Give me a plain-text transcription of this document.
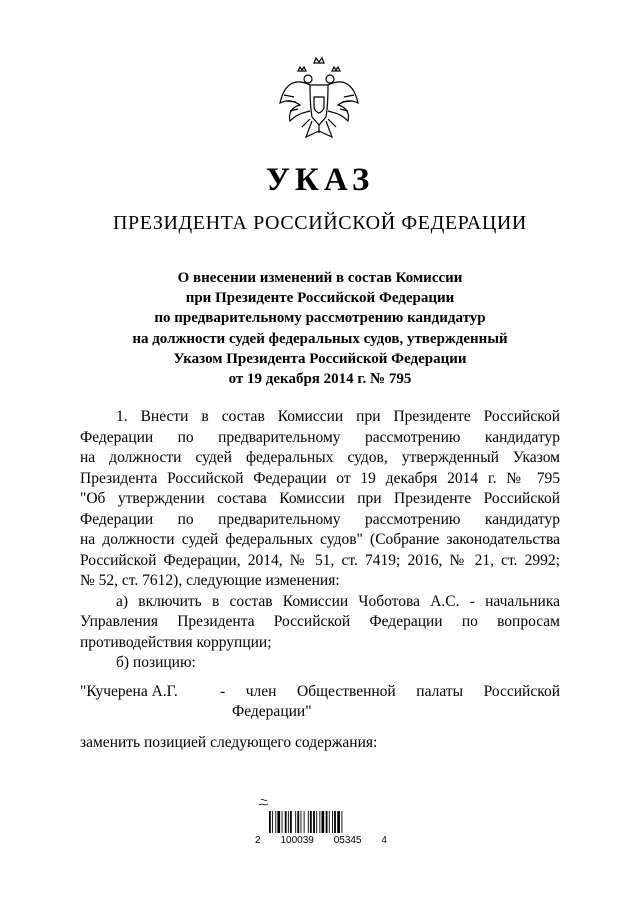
УКАЗ
ПРЕЗИДЕНТА РОССИЙСКОЙ ФЕДЕРАЦИИ
О внесении изменений в состав Комиссии
при Президенте Российской Федерации
по предварительному рассмотрению кандидатур
на должности судей федеральных судов, утвержденный
Указом Президента Российской Федерации
от 19 декабря 2014 г. № 795

1. Внести в состав Комиссии при Президенте Российской

Федерации по предварительному рассмотрению кандидатур

на должности судей федеральных судов, утвержденный Указом

Президента Российской Федерации от 19 декабря 2014 г. № 795

"Об утверждении состава Комиссии при Президенте Российской

Федерации по предварительному рассмотрению кандидатур

на должности судей федеральных судов" (Собрание законодательства

Российской Федерации, 2014, № 51, ст. 7419; 2016, № 21, ст. 2992;

№ 52, ст. 7612), следующие изменения:

а) включить в состав Комиссии Чоботова А.С. - начальника

Управления Президента Российской Федерации по вопросам

противодействия коррупции;

б) позицию:

"Кучерена А.Г.	- член Общественной палаты Российской

Федерации"

заменить позицией следующего содержания:
2 100039 05345 4
